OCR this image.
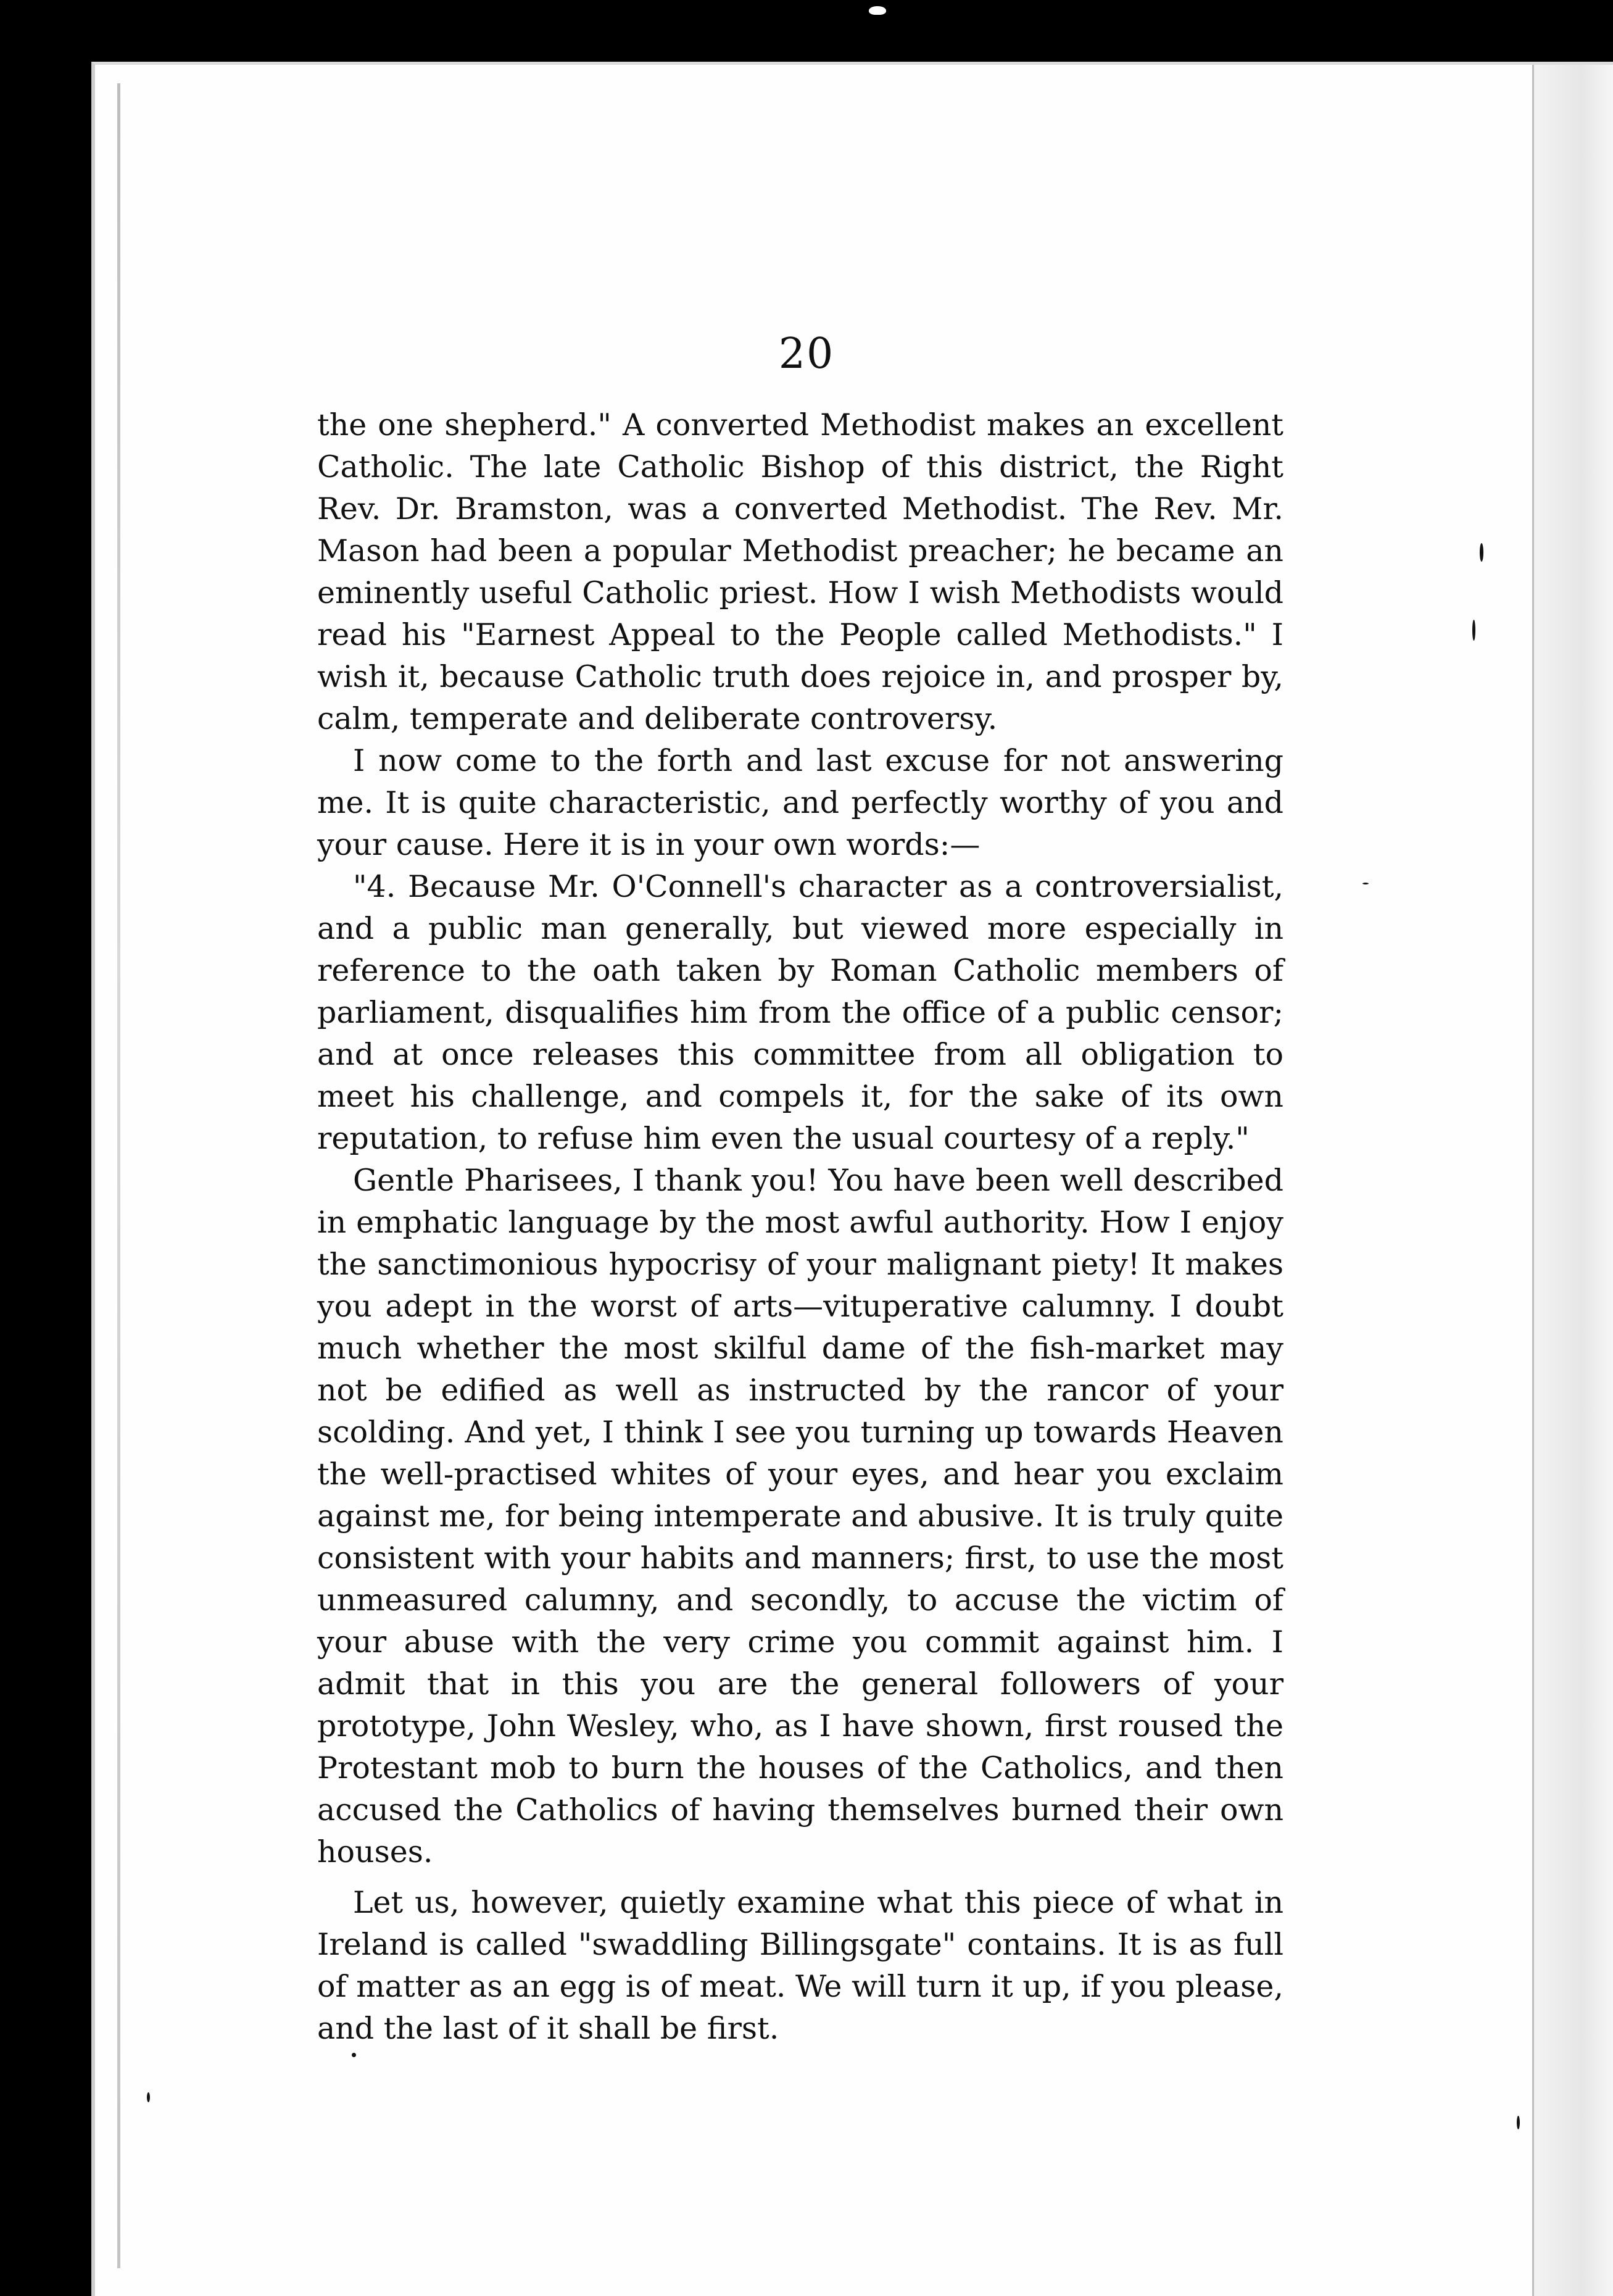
20

the one shepherd." A converted Methodist makes an excellent Catholic. The late Catholic Bishop of this district, the Right Rev. Dr. Bramston, was a converted Methodist. The Rev. Mr. Mason had been a popular Methodist preacher; he became an eminently useful Catholic priest. How I wish Methodists would read his "Earnest Appeal to the People called Methodists." I wish it, because Catholic truth does rejoice in, and prosper by, calm, temperate and deliberate controversy.

I now come to the forth and last excuse for not answering me. It is quite characteristic, and perfectly worthy of you and your cause. Here it is in your own words:—

"4. Because Mr. O'Connell's character as a controversialist, and a public man generally, but viewed more especially in reference to the oath taken by Roman Catholic members of parliament, disqualifies him from the office of a public censor; and at once releases this committee from all obligation to meet his challenge, and compels it, for the sake of its own reputation, to refuse him even the usual courtesy of a reply."

Gentle Pharisees, I thank you! You have been well described in emphatic language by the most awful authority. How I enjoy the sanctimonious hypocrisy of your malignant piety! It makes you adept in the worst of arts—vituperative calumny. I doubt much whether the most skilful dame of the fish-market may not be edified as well as instructed by the rancor of your scolding. And yet, I think I see you turning up towards Heaven the well-practised whites of your eyes, and hear you exclaim against me, for being intemperate and abusive. It is truly quite consistent with your habits and manners; first, to use the most unmeasured calumny, and secondly, to accuse the victim of your abuse with the very crime you commit against him. I admit that in this you are the general followers of your prototype, John Wesley, who, as I have shown, first roused the Protestant mob to burn the houses of the Catholics, and then accused the Catholics of having themselves burned their own houses.

Let us, however, quietly examine what this piece of what in Ireland is called "swaddling Billingsgate" contains. It is as full of matter as an egg is of meat. We will turn it up, if you please, and the last of it shall be first.
